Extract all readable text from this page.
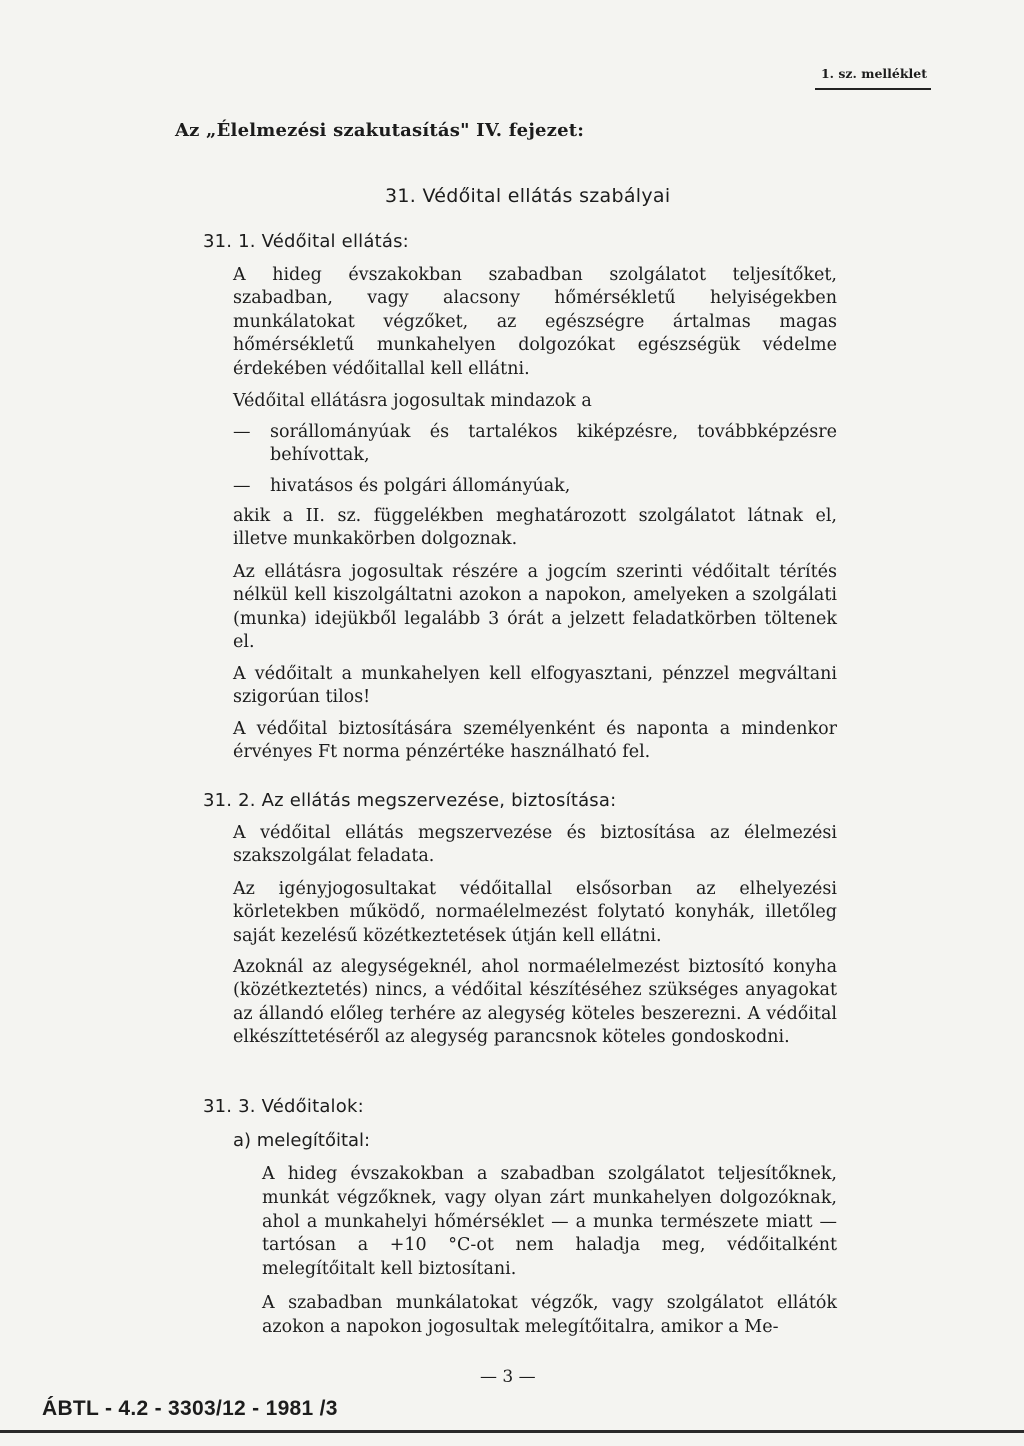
1. sz. melléklet
Az „Élelmezési szakutasítás" IV. fejezet:
31. Védőital ellátás szabályai
31. 1. Védőital ellátás:
A hideg évszakokban szabadban szolgálatot teljesítőket, szabadban, vagy alacsony hőmérsékletű helyiségekben munkálatokat végzőket, az egészségre ártalmas magas hőmérsékletű munkahelyen dolgozókat egészségük védelme érdekében védőitallal kell ellátni.
Védőital ellátásra jogosultak mindazok a
— sorállományúak és tartalékos kiképzésre, továbbképzésre behívottak,
— hivatásos és polgári állományúak,
akik a II. sz. függelékben meghatározott szolgálatot látnak el, illetve munkakörben dolgoznak.
Az ellátásra jogosultak részére a jogcím szerinti védőitalt térítés nélkül kell kiszolgáltatni azokon a napokon, amelyeken a szolgálati (munka) idejükből legalább 3 órát a jelzett feladatkörben töltenek el.
A védőitalt a munkahelyen kell elfogyasztani, pénzzel megváltani szigorúan tilos!
A védőital biztosítására személyenként és naponta a mindenkor érvényes Ft norma pénzértéke használható fel.
31. 2. Az ellátás megszervezése, biztosítása:
A védőital ellátás megszervezése és biztosítása az élelmezési szakszolgálat feladata.
Az igényjogosultakat védőitallal elsősorban az elhelyezési körletekben működő, normaélelmezést folytató konyhák, illetőleg saját kezelésű közétkeztetések útján kell ellátni.
Azoknál az alegységeknél, ahol normaélelmezést biztosító konyha (közétkeztetés) nincs, a védőital készítéséhez szükséges anyagokat az állandó előleg terhére az alegység köteles beszerezni. A védőital elkészíttetéséről az alegység parancsnok köteles gondoskodni.
31. 3. Védőitalok:
a) melegítőital:
A hideg évszakokban a szabadban szolgálatot teljesítőknek, munkát végzőknek, vagy olyan zárt munkahelyen dolgozóknak, ahol a munkahelyi hőmérséklet — a munka természete miatt — tartósan a +10 °C-ot nem haladja meg, védőitalként melegítőitalt kell biztosítani.
A szabadban munkálatokat végzők, vagy szolgálatot ellátók azokon a napokon jogosultak melegítőitalra, amikor a Me-
— 3 —
ÁBTL - 4.2 - 3303/12 - 1981 /3
